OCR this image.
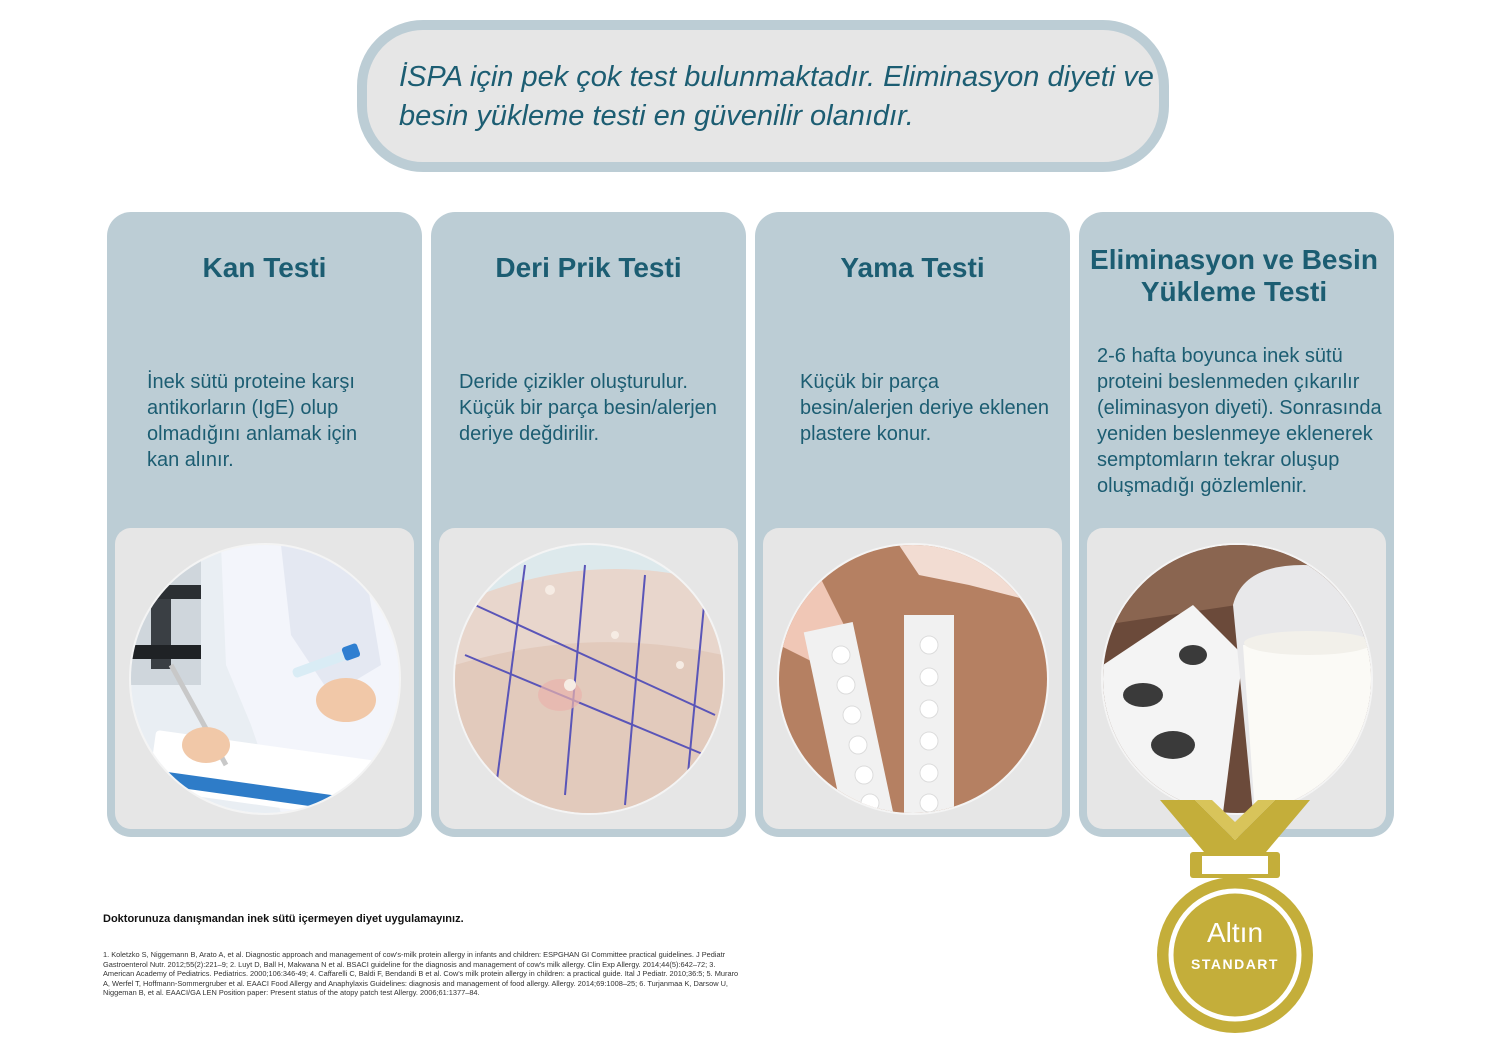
İSPA için pek çok test bulunmaktadır. Eliminasyon diyeti ve besin yükleme testi en güvenilir olanıdır.

Kan Testi

İnek sütü proteine karşı antikorların (IgE) olup olmadığını anlamak için kan alınır.

Deri Prik Testi

Deride çizikler oluşturulur. Küçük bir parça besin/alerjen deriye değdirilir.

Yama Testi

Küçük bir parça besin/alerjen deriye eklenen plastere konur.

Eliminasyon ve Besin Yükleme Testi

2-6 hafta boyunca inek sütü proteini beslenmeden çıkarılır (eliminasyon diyeti). Sonrasında yeniden beslenmeye eklenerek semptomların tekrar oluşup oluşmadığı gözlemlenir.

Doktorunuza danışmandan inek sütü içermeyen diyet uygulamayınız.

1. Koletzko S, Niggemann B, Arato A, et al. Diagnostic approach and management of cow's-milk protein allergy in infants and children: ESPGHAN GI Committee practical guidelines. J Pediatr Gastroenterol Nutr. 2012;55(2):221–9; 2. Luyt D, Ball H, Makwana N et al. BSACI guideline for the diagnosis and management of cow's milk allergy. Clin Exp Allergy. 2014;44(5):642–72; 3. American Academy of Pediatrics. Pediatrics. 2000;106:346-49; 4. Caffarelli C, Baldi F, Bendandi B et al. Cow's milk protein allergy in children: a practical guide. Ital J Pediatr. 2010;36:5; 5. Muraro A, Werfel T, Hoffmann-Sommergruber et al. EAACI Food Allergy and Anaphylaxis Guidelines: diagnosis and management of food allergy. Allergy. 2014;69:1008–25; 6. Turjanmaa K, Darsow U, Niggeman B, et al. EAACI/GA LEN Position paper: Present status of the atopy patch test Allergy. 2006;61:1377–84.

Altın

STANDART
